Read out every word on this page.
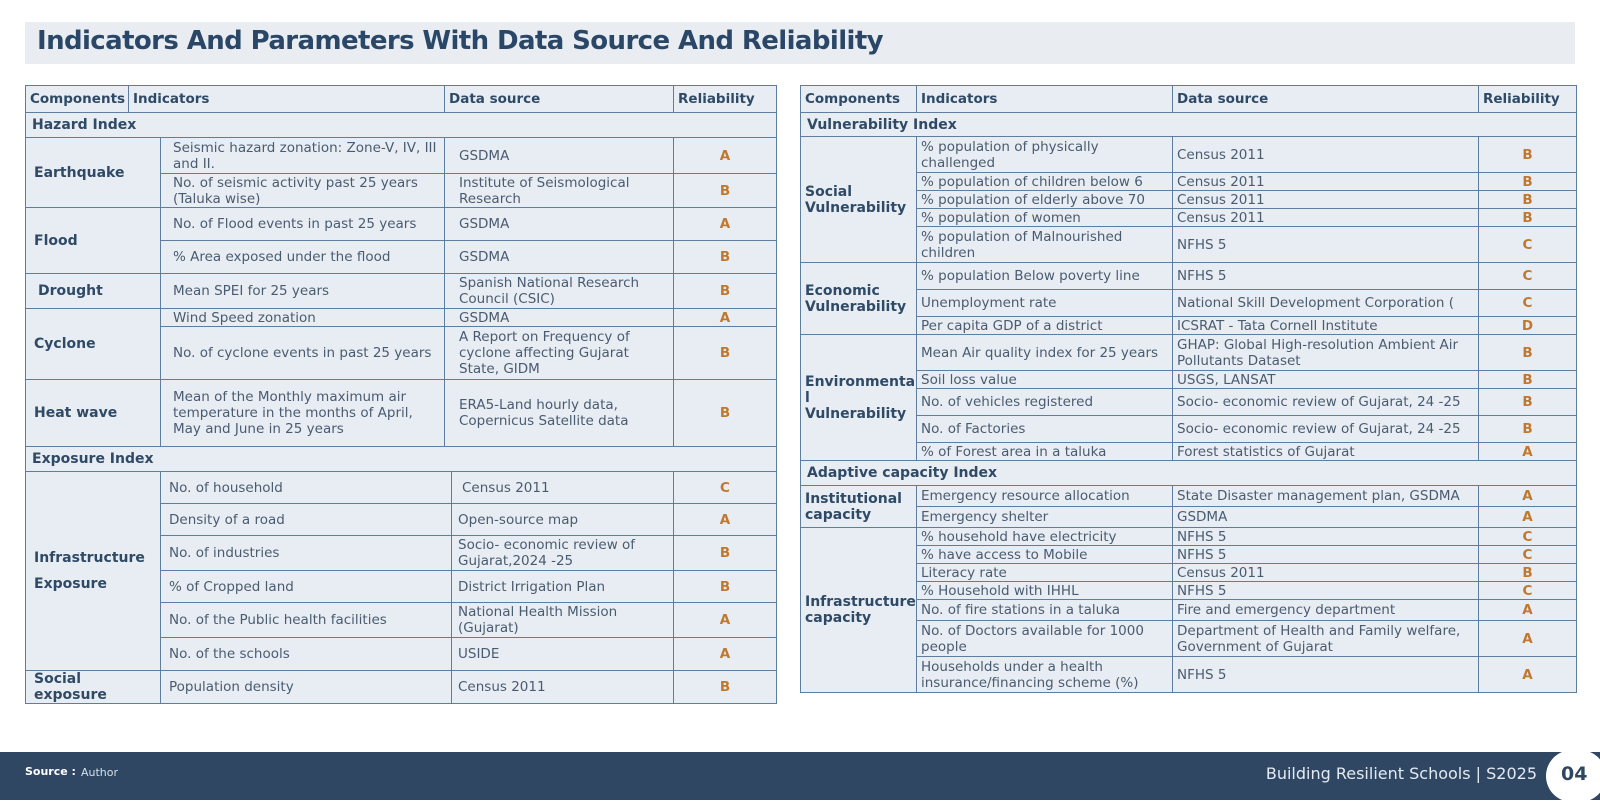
Indicators And Parameters With Data Source And Reliability
Components	Indicators		Data source		Reliability
Hazard Index					
Earthquake		Seismic hazard zonation: Zone-V, IV, III and II.	GSDMA		A
		No. of seismic activity past 25 years (Taluka wise)	Institute of Seismological Research		B
Flood		No. of Flood events in past 25 years	GSDMA		A
		% Area exposed under the flood	GSDMA		B
Drought		Mean SPEI for 25 years	Spanish National Research Council (CSIC)		B
Cyclone		Wind Speed zonation	GSDMA		A
		No. of cyclone events in past 25 years	A Report on Frequency of cyclone affecting Gujarat State, GIDM		B
Heat wave		Mean of the Monthly maximum air temperature in the months of April, May and June in 25 years	ERA5-Land hourly data, Copernicus Satellite data		B
Exposure Index					
Infrastructure Exposure		No. of household		Census 2011	C
		Density of a road		Open-source map	A
		No. of industries		Socio- economic review of Gujarat,2024 -25	B
		% of Cropped land		District Irrigation Plan	B
		No. of the Public health facilities		National Health Mission (Gujarat)	A
		No. of the schools		USIDE	A
Social exposure		Population density		Census 2011	B
Components	Indicators	Data source	Reliability
Vulnerability Index			
Social Vulnerability	% population of physically challenged	Census 2011	B
	% population of children below 6	Census 2011	B
	% population of elderly above 70	Census 2011	B
	% population of women	Census 2011	B
	% population of Malnourished children	NFHS 5	C
Economic Vulnerability	% population Below poverty line	NFHS 5	C
	Unemployment rate	National Skill Development Corporation (	C
	Per capita GDP of a district	ICSRAT - Tata Cornell Institute	D
Environmenta l Vulnerability	Mean Air quality index for 25 years	GHAP: Global High-resolution Ambient Air Pollutants Dataset	B
	Soil loss value	USGS, LANSAT	B
	No. of vehicles registered	Socio- economic review of Gujarat, 24 -25	B
	No. of Factories	Socio- economic review of Gujarat, 24 -25	B
	% of Forest area in a taluka	Forest statistics of Gujarat	A
Adaptive capacity Index			
Institutional capacity	Emergency resource allocation	State Disaster management plan, GSDMA	A
	Emergency shelter	GSDMA	A
Infrastructure capacity	% household have electricity	NFHS 5	C
	% have access to Mobile	NFHS 5	C
	Literacy rate	Census 2011	B
	% Household with IHHL	NFHS 5	C
	No. of fire stations in a taluka	Fire and emergency department	A
	No. of Doctors available for 1000 people	Department of Health and Family welfare, Government of Gujarat	A
	Households under a health insurance/financing scheme (%)	NFHS 5	A
Source : Author	Building Resilient Schools | S2025 04
